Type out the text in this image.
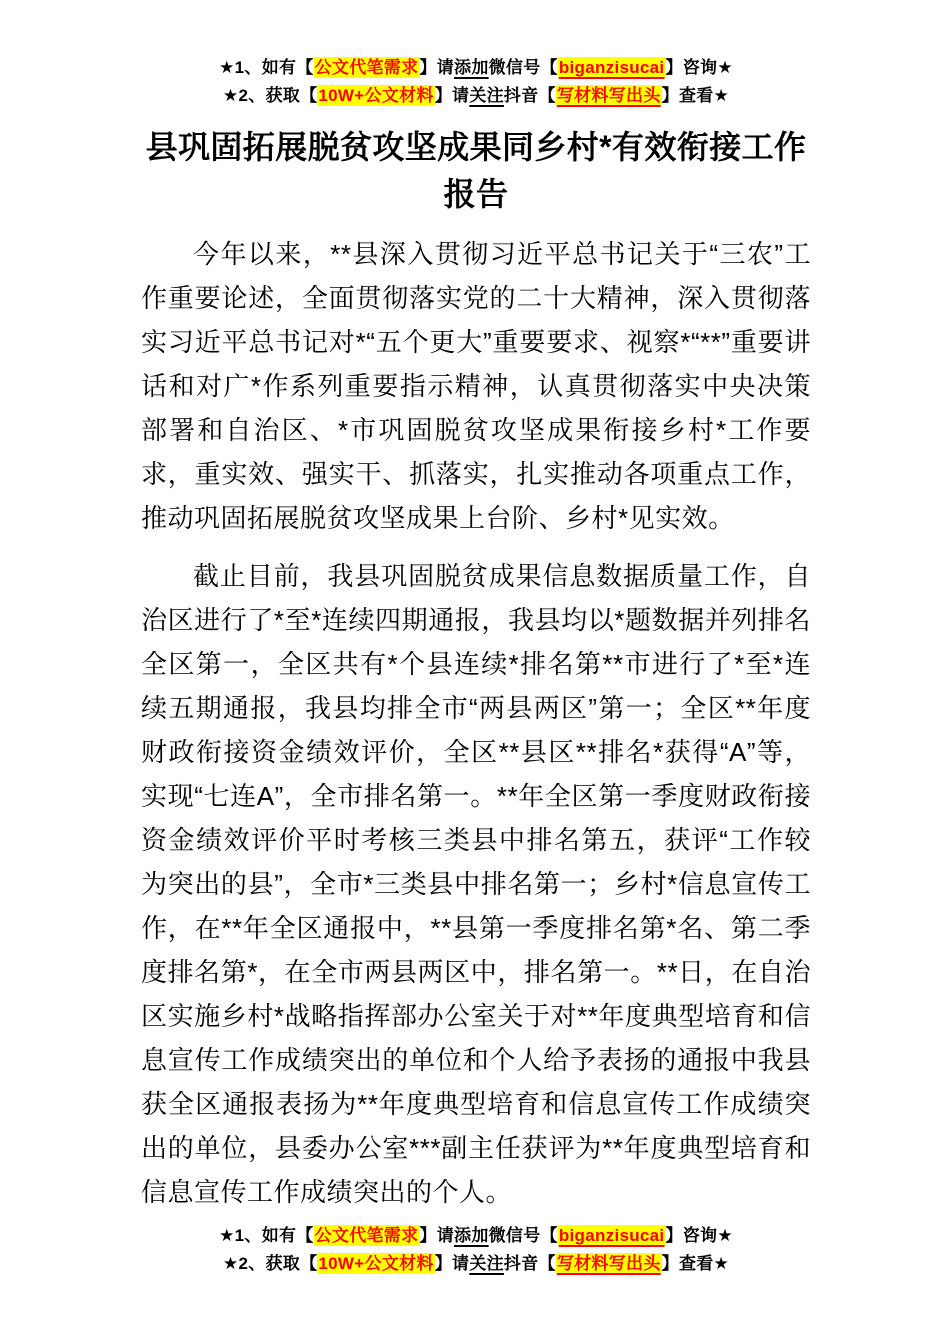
★1、如有【公文代笔需求】请添加微信号【biganzisucai】咨询★
★2、获取【10W+公文材料】请关注抖音【写材料写出头】查看★
县巩固拓展脱贫攻坚成果同乡村*有效衔接工作报告

今年以来，**县深入贯彻习近平总书记关于“三农”工作重要论述，全面贯彻落实党的二十大精神，深入贯彻落实习近平总书记对*“五个更大”重要要求、视察*“**”重要讲话和对广*作系列重要指示精神，认真贯彻落实中央决策部署和自治区、*市巩固脱贫攻坚成果衔接乡村*工作要求，重实效、强实干、抓落实，扎实推动各项重点工作，推动巩固拓展脱贫攻坚成果上台阶、乡村*见实效。

截止目前，我县巩固脱贫成果信息数据质量工作，自治区进行了*至*连续四期通报，我县均以*题数据并列排名全区第一，全区共有*个县连续*排名第**市进行了*至*连续五期通报，我县均排全市“两县两区”第一；全区**年度财政衔接资金绩效评价，全区**县区**排名*获得“A”等，实现“七连A”，全市排名第一。**年全区第一季度财政衔接资金绩效评价平时考核三类县中排名第五，获评“工作较为突出的县”，全市*三类县中排名第一；乡村*信息宣传工作，在**年全区通报中，**县第一季度排名第*名、第二季度排名第*，在全市两县两区中，排名第一。**日，在自治区实施乡村*战略指挥部办公室关于对**年度典型培育和信息宣传工作成绩突出的单位和个人给予表扬的通报中我县获全区通报表扬为**年度典型培育和信息宣传工作成绩突出的单位，县委办公室***副主任获评为**年度典型培育和信息宣传工作成绩突出的个人。

★1、如有【公文代笔需求】请添加微信号【biganzisucai】咨询★
★2、获取【10W+公文材料】请关注抖音【写材料写出头】查看★
